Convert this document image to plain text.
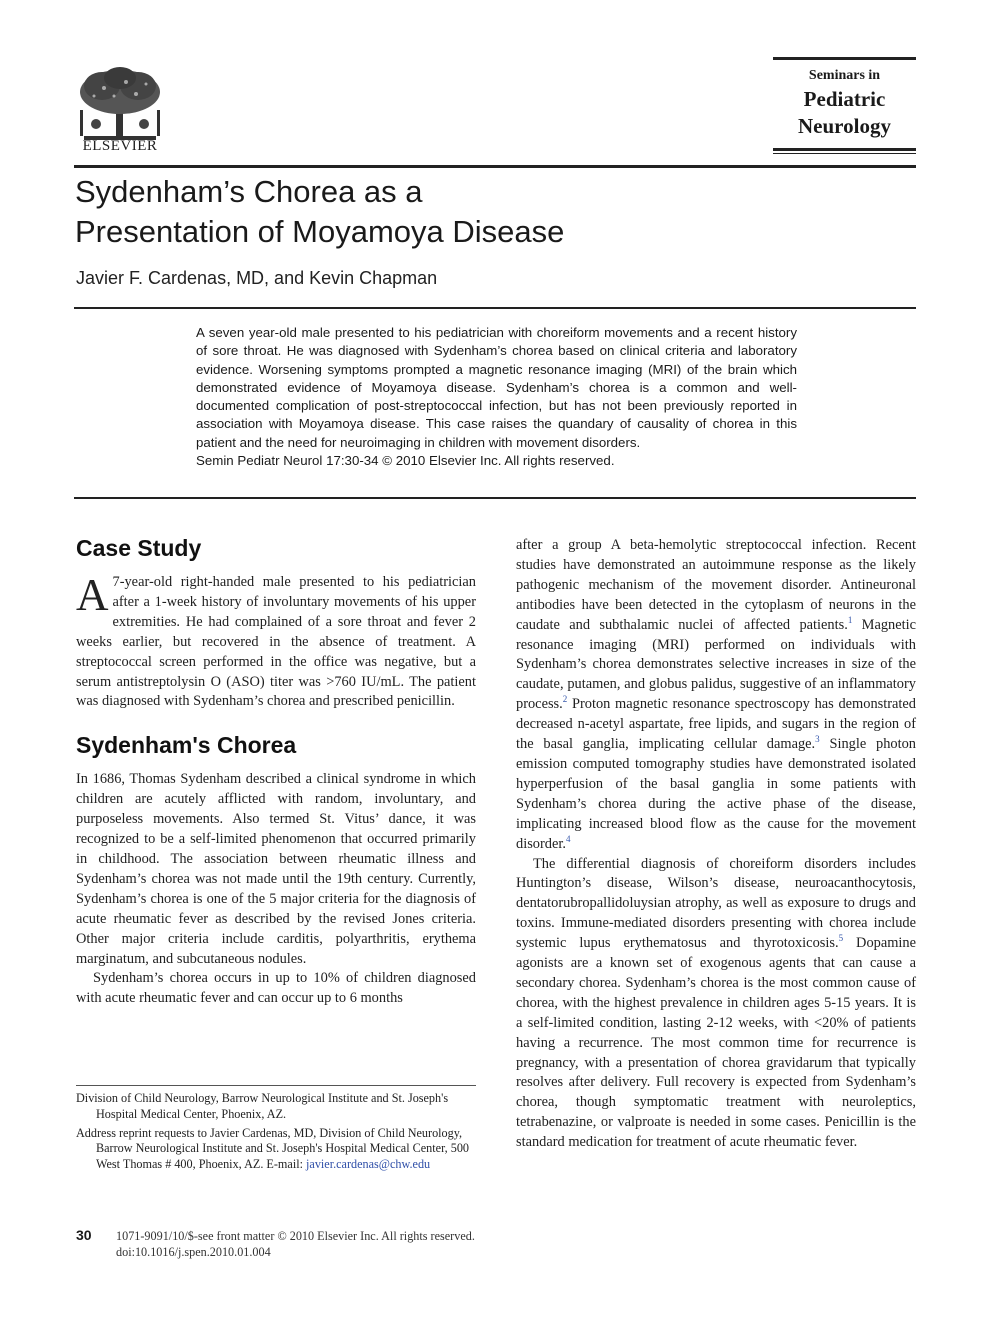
ELSEVIER
Seminars in
Pediatric
Neurology
Sydenham’s Chorea as a
Presentation of Moyamoya Disease
Javier F. Cardenas, MD, and Kevin Chapman

A seven year-old male presented to his pediatrician with choreiform movements and a recent history of sore throat. He was diagnosed with Sydenham’s chorea based on clinical criteria and laboratory evidence. Worsening symptoms prompted a magnetic resonance imaging (MRI) of the brain which demonstrated evidence of Moyamoya disease. Sydenham’s chorea is a common and well-documented complication of post-streptococcal infection, but has not been previously reported in association with Moyamoya disease. This case raises the quandary of causality of chorea in this patient and the need for neuroimaging in children with movement disorders.

Semin Pediatr Neurol 17:30-34 © 2010 Elsevier Inc. All rights reserved.

Case Study

A 7-year-old right-handed male presented to his pediatrician after a 1-week history of involuntary movements of his upper extremities. He had complained of a sore throat and fever 2 weeks earlier, but recovered in the absence of treatment. A streptococcal screen performed in the office was negative, but a serum antistreptolysin O (ASO) titer was >760 IU/mL. The patient was diagnosed with Sydenham’s chorea and prescribed penicillin.

Sydenham's Chorea

In 1686, Thomas Sydenham described a clinical syndrome in which children are acutely afflicted with random, involuntary, and purposeless movements. Also termed St. Vitus’ dance, it was recognized to be a self-limited phenomenon that occurred primarily in childhood. The association between rheumatic illness and Sydenham’s chorea was not made until the 19th century. Currently, Sydenham’s chorea is one of the 5 major criteria for the diagnosis of acute rheumatic fever as described by the revised Jones criteria. Other major criteria include carditis, polyarthritis, erythema marginatum, and subcutaneous nodules.

Sydenham’s chorea occurs in up to 10% of children diagnosed with acute rheumatic fever and can occur up to 6 months

after a group A beta-hemolytic streptococcal infection. Recent studies have demonstrated an autoimmune response as the likely pathogenic mechanism of the movement disorder. Antineuronal antibodies have been detected in the cytoplasm of neurons in the caudate and subthalamic nuclei of affected patients.$^1$ Magnetic resonance imaging (MRI) performed on individuals with Sydenham’s chorea demonstrates selective increases in size of the caudate, putamen, and globus palidus, suggestive of an inflammatory process.$^2$ Proton magnetic resonance spectroscopy has demonstrated decreased n-acetyl aspartate, free lipids, and sugars in the region of the basal ganglia, implicating cellular damage.$^3$ Single photon emission computed tomography studies have demonstrated isolated hyperperfusion of the basal ganglia in some patients with Sydenham’s chorea during the active phase of the disease, implicating increased blood flow as the cause for the movement disorder.$^4$

The differential diagnosis of choreiform disorders includes Huntington’s disease, Wilson’s disease, neuroacanthocytosis, dentatorubropallidoluysian atrophy, as well as exposure to drugs and toxins. Immune-mediated disorders presenting with chorea include systemic lupus erythematosus and thyrotoxicosis.$^5$ Dopamine agonists are a known set of exogenous agents that can cause a secondary chorea. Sydenham’s chorea is the most common cause of chorea, with the highest prevalence in children ages 5-15 years. It is a self-limited condition, lasting 2-12 weeks, with <20% of patients having a recurrence. The most common time for recurrence is pregnancy, with a presentation of chorea gravidarum that typically resolves after delivery. Full recovery is expected from Sydenham’s chorea, though symptomatic treatment with neuroleptics, tetrabenazine, or valproate is needed in some cases. Penicillin is the standard medication for treatment of acute rheumatic fever.

Division of Child Neurology, Barrow Neurological Institute and St. Joseph's Hospital Medical Center, Phoenix, AZ.

Address reprint requests to Javier Cardenas, MD, Division of Child Neurology, Barrow Neurological Institute and St. Joseph's Hospital Medical Center, 500 West Thomas # 400, Phoenix, AZ. E-mail: javier.cardenas@chw.edu

30 1071-9091/10/$-see front matter © 2010 Elsevier Inc. All rights reserved.
doi:10.1016/j.spen.2010.01.004
